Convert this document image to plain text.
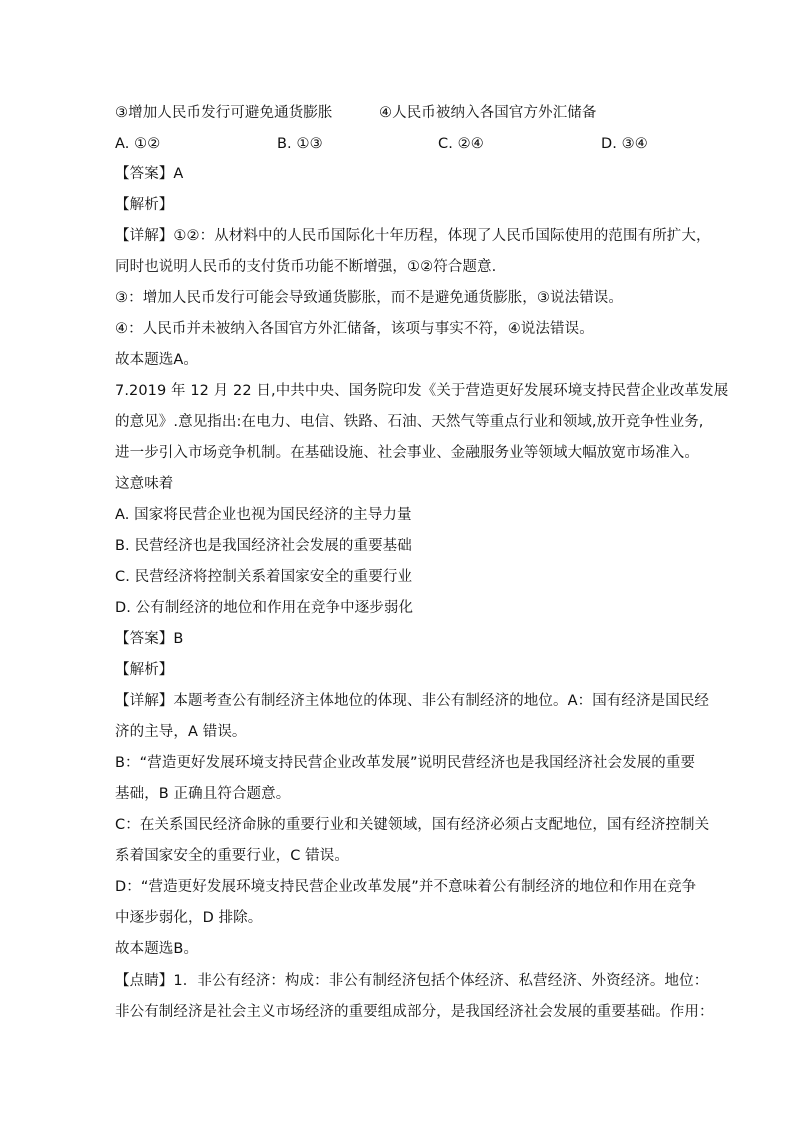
③增加人民币发行可避免通货膨胀	④人民币被纳入各国官方外汇储备
A. ①②	B. ①③	C. ②④	D. ③④
【答案】A
【解析】
【详解】①②：从材料中的人民币国际化十年历程，体现了人民币国际使用的范围有所扩大，
同时也说明人民币的支付货币功能不断增强，①②符合题意.
③：增加人民币发行可能会导致通货膨胀，而不是避免通货膨胀，③说法错误。
④：人民币并未被纳入各国官方外汇储备，该项与事实不符，④说法错误。
故本题选A。
7.2019 年 12 月 22 日,中共中央、国务院印发《关于营造更好发展环境支持民营企业改革发展
的意见》.意见指出:在电力、电信、铁路、石油、天然气等重点行业和领域,放开竞争性业务,
进一步引入市场竞争机制。在基础设施、社会事业、金融服务业等领域大幅放宽市场准入。
这意味着
A. 国家将民营企业也视为国民经济的主导力量
B. 民营经济也是我国经济社会发展的重要基础
C. 民营经济将控制关系着国家安全的重要行业
D. 公有制经济的地位和作用在竞争中逐步弱化
【答案】B
【解析】
【详解】本题考查公有制经济主体地位的体现、非公有制经济的地位。A：国有经济是国民经
济的主导，A 错误。
B：“营造更好发展环境支持民营企业改革发展”说明民营经济也是我国经济社会发展的重要
基础，B 正确且符合题意。
C：在关系国民经济命脉的重要行业和关键领域，国有经济必须占支配地位，国有经济控制关
系着国家安全的重要行业，C 错误。
D：“营造更好发展环境支持民营企业改革发展”并不意味着公有制经济的地位和作用在竞争
中逐步弱化，D 排除。
故本题选B。
【点睛】1．非公有经济：构成：非公有制经济包括个体经济、私营经济、外资经济。地位：
非公有制经济是社会主义市场经济的重要组成部分，是我国经济社会发展的重要基础。作用：
